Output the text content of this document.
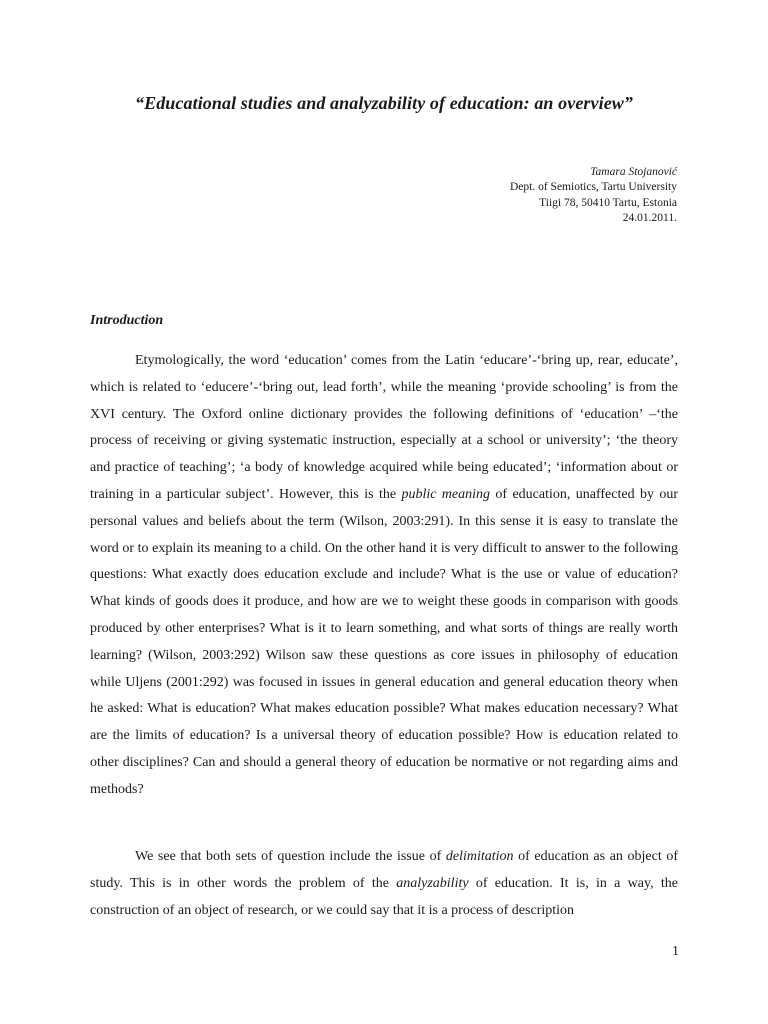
“Educational studies and analyzability of education: an overview”
Tamara Stojanović
Dept. of Semiotics, Tartu University
Tiigi 78, 50410 Tartu, Estonia
24.01.2011.
Introduction

Etymologically, the word ‘education’ comes from the Latin ‘educare’-‘bring up, rear, educate’, which is related to ‘educere’-‘bring out, lead forth’, while the meaning ‘provide schooling’ is from the XVI century. The Oxford online dictionary provides the following definitions of ‘education’ –‘the process of receiving or giving systematic instruction, especially at a school or university’; ‘the theory and practice of teaching’; ‘a body of knowledge acquired while being educated’; ‘information about or training in a particular subject’. However, this is the public meaning of education, unaffected by our personal values and beliefs about the term (Wilson, 2003:291). In this sense it is easy to translate the word or to explain its meaning to a child. On the other hand it is very difficult to answer to the following questions: What exactly does education exclude and include? What is the use or value of education? What kinds of goods does it produce, and how are we to weight these goods in comparison with goods produced by other enterprises? What is it to learn something, and what sorts of things are really worth learning? (Wilson, 2003:292) Wilson saw these questions as core issues in philosophy of education while Uljens (2001:292) was focused in issues in general education and general education theory when he asked: What is education? What makes education possible? What makes education necessary? What are the limits of education? Is a universal theory of education possible? How is education related to other disciplines? Can and should a general theory of education be normative or not regarding aims and methods?

We see that both sets of question include the issue of delimitation of education as an object of study. This is in other words the problem of the analyzability of education. It is, in a way, the construction of an object of research, or we could say that it is a process of description

1
